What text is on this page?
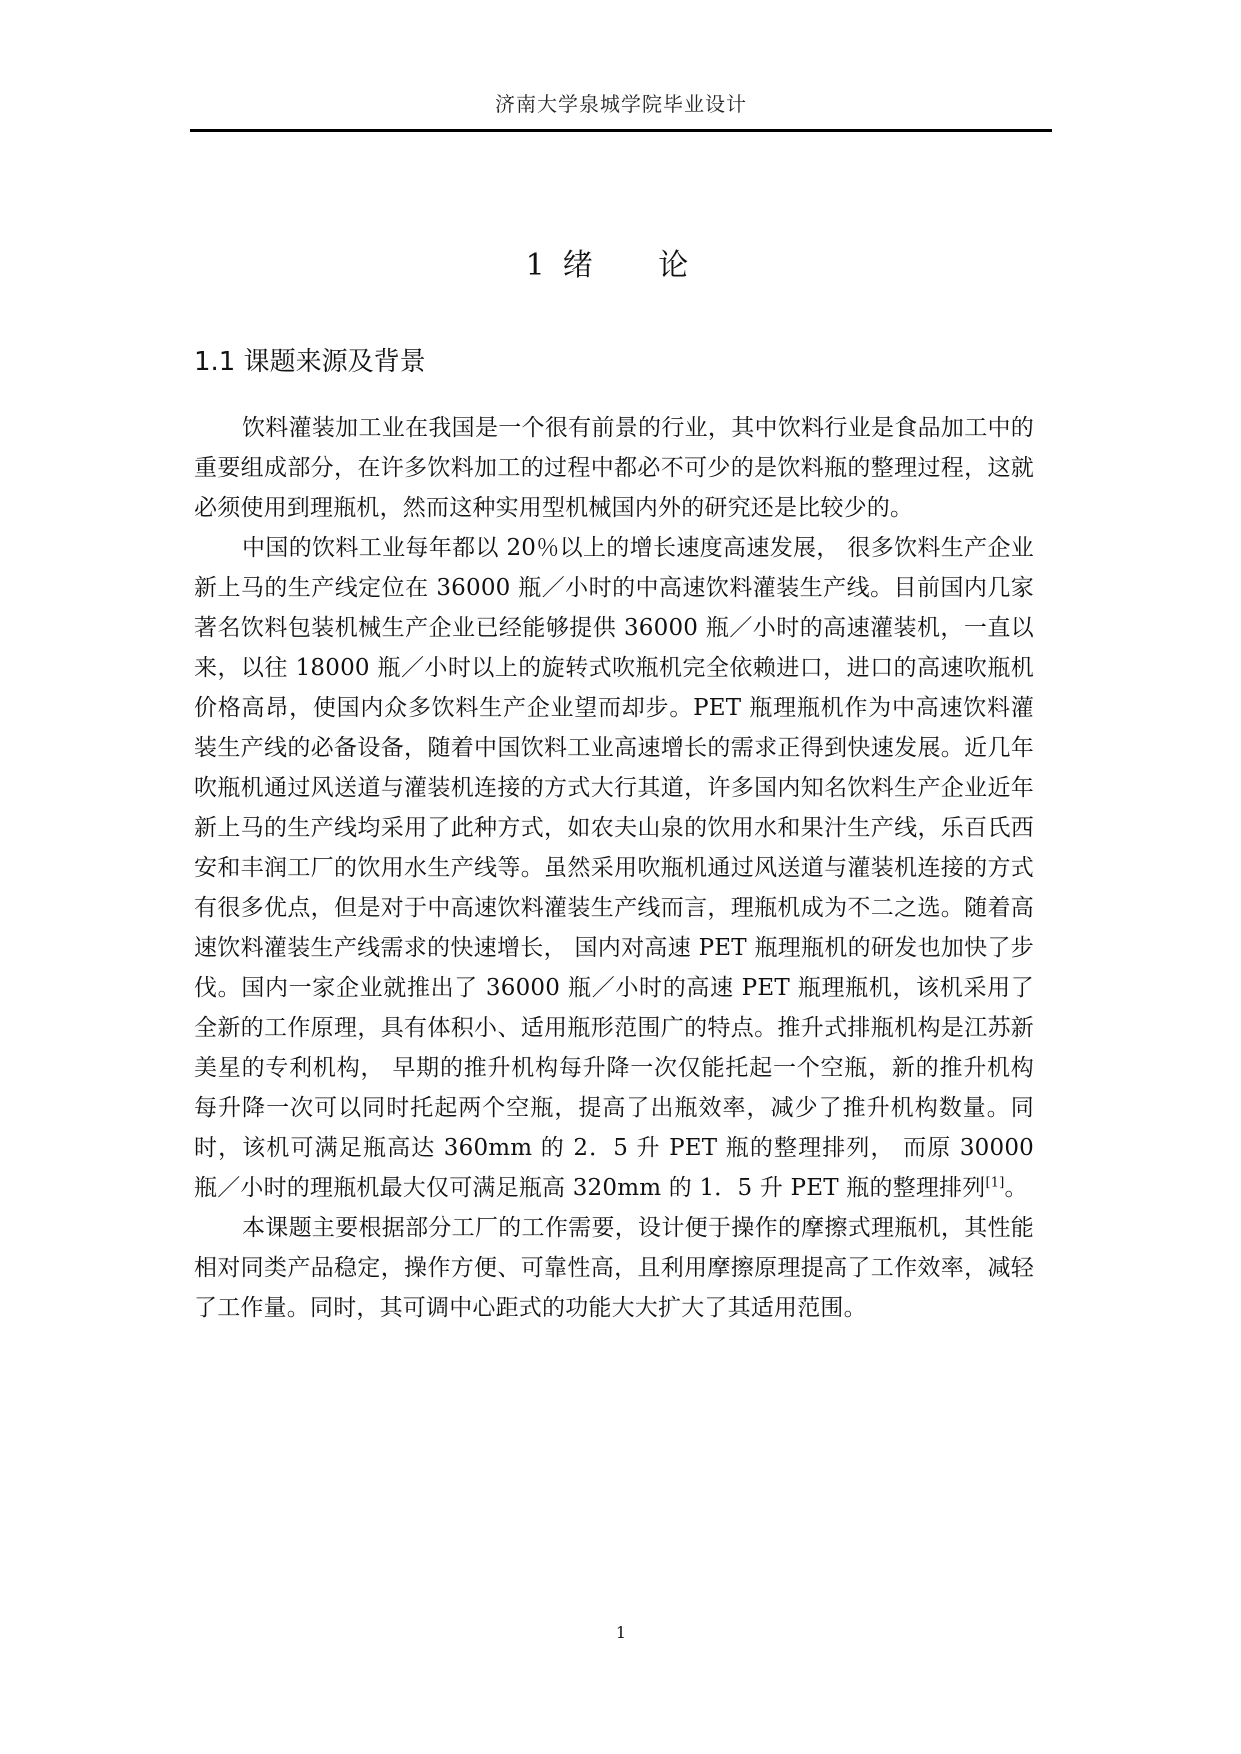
济南大学泉城学院毕业设计
1 绪 论
1.1 课题来源及背景

饮料灌装加工业在我国是一个很有前景的行业，其中饮料行业是食品加工中的重要组成部分，在许多饮料加工的过程中都必不可少的是饮料瓶的整理过程，这就必须使用到理瓶机，然而这种实用型机械国内外的研究还是比较少的。

中国的饮料工业每年都以 20％以上的增长速度高速发展， 很多饮料生产企业新上马的生产线定位在 36000 瓶／小时的中高速饮料灌装生产线。目前国内几家著名饮料包装机械生产企业已经能够提供 36000 瓶／小时的高速灌装机，一直以来，以往 18000 瓶／小时以上的旋转式吹瓶机完全依赖进口，进口的高速吹瓶机价格高昂，使国内众多饮料生产企业望而却步。PET 瓶理瓶机作为中高速饮料灌装生产线的必备设备，随着中国饮料工业高速增长的需求正得到快速发展。近几年吹瓶机通过风送道与灌装机连接的方式大行其道，许多国内知名饮料生产企业近年新上马的生产线均采用了此种方式，如农夫山泉的饮用水和果汁生产线，乐百氏西安和丰润工厂的饮用水生产线等。虽然采用吹瓶机通过风送道与灌装机连接的方式有很多优点，但是对于中高速饮料灌装生产线而言，理瓶机成为不二之选。随着高速饮料灌装生产线需求的快速增长， 国内对高速 PET 瓶理瓶机的研发也加快了步伐。国内一家企业就推出了 36000 瓶／小时的高速 PET 瓶理瓶机，该机采用了全新的工作原理，具有体积小、适用瓶形范围广的特点。推升式排瓶机构是江苏新美星的专利机构， 早期的推升机构每升降一次仅能托起一个空瓶，新的推升机构每升降一次可以同时托起两个空瓶，提高了出瓶效率，减少了推升机构数量。同时，该机可满足瓶高达 360mm 的 2．5 升 PET 瓶的整理排列， 而原 30000 瓶／小时的理瓶机最大仅可满足瓶高 320mm 的 1．5 升 PET 瓶的整理排列[1]。

本课题主要根据部分工厂的工作需要，设计便于操作的摩擦式理瓶机，其性能相对同类产品稳定，操作方便、可靠性高，且利用摩擦原理提高了工作效率，减轻了工作量。同时，其可调中心距式的功能大大扩大了其适用范围。

1
